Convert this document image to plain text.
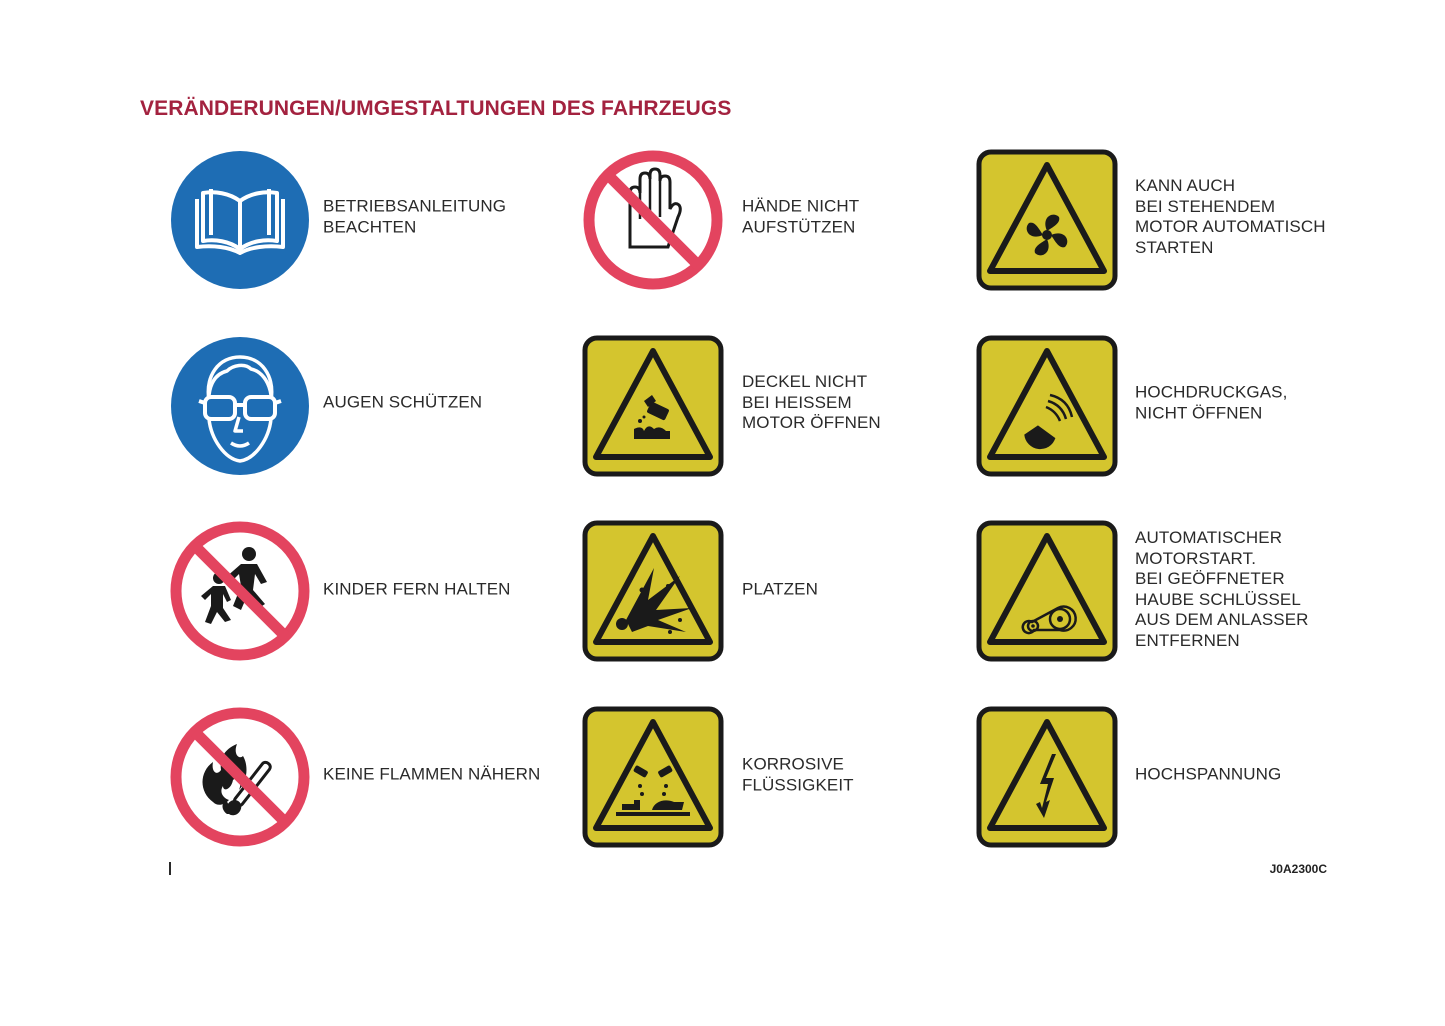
VERÄNDERUNGEN/UMGESTALTUNGEN DES FAHRZEUGS
BETRIEBSANLEITUNG
BEACHTEN
HÄNDE NICHT
AUFSTÜTZEN
KANN AUCH
BEI STEHENDEM
MOTOR AUTOMATISCH
STARTEN
AUGEN SCHÜTZEN
DECKEL NICHT
BEI HEISSEM
MOTOR ÖFFNEN
HOCHDRUCKGAS,
NICHT ÖFFNEN
KINDER FERN HALTEN	PLATZEN
AUTOMATISCHER
MOTORSTART.
BEI GEÖFFNETER
HAUBE SCHLÜSSEL
AUS DEM ANLASSER
ENTFERNEN
KEINE FLAMMEN NÄHERN
KORROSIVE
FLÜSSIGKEIT
HOCHSPANNUNG
J0A2300C
